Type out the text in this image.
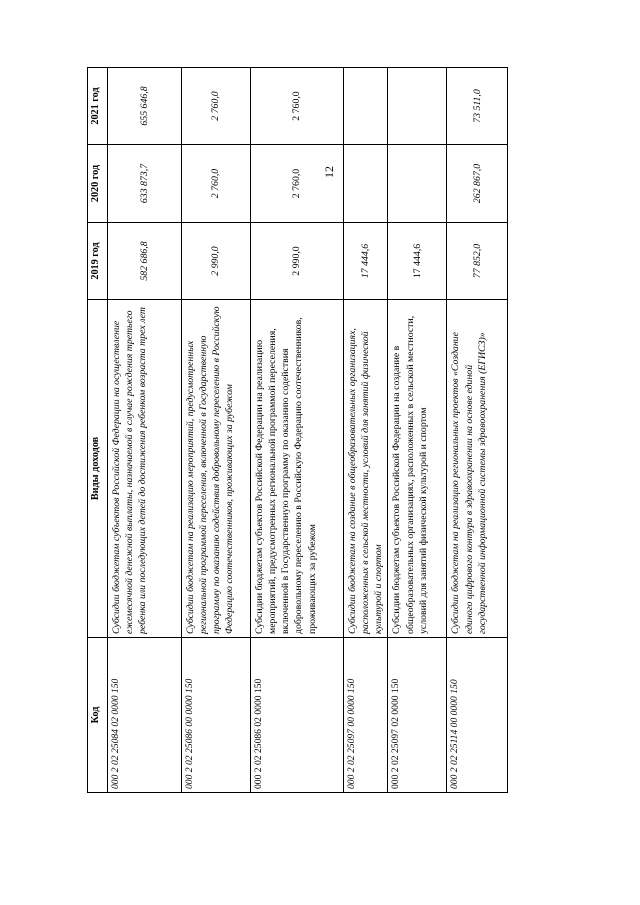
12
Код	Виды доходов	2019 год	2020 год	2021 год
000 2 02 25084 02 0000 150	Субсидии бюджетам субъектов Российской Федерации на осуществление ежемесячной денежной выплаты, назначаемой в случае рождения третьего ребенка или последующих детей до достижения ребенком возраста трех лет	582 686,8	633 873,7	655 646,8
000 2 02 25086 00 0000 150	Субсидии бюджетам на реализацию мероприятий, предусмотренных региональной программой переселения, включенной в Государственную программу по оказанию содействия добровольному переселению в Российскую Федерацию соотечественников, проживающих за рубежом	2 990,0	2 760,0	2 760,0
000 2 02 25086 02 0000 150	Субсидии бюджетам субъектов Российской Федерации на реализацию мероприятий, предусмотренных региональной программой переселения, включенной в Государственную программу по оказанию содействия добровольному переселению в Российскую Федерацию соотечественников, проживающих за рубежом	2 990,0	2 760,0	2 760,0
000 2 02 25097 00 0000 150	Субсидии бюджетам на создание в общеобразовательных организациях, расположенных в сельской местности, условий для занятий физической культурой и спортом	17 444,6		
000 2 02 25097 02 0000 150	Субсидии бюджетам субъектов Российской Федерации на создание в общеобразовательных организациях, расположенных в сельской местности, условий для занятий физической культурой и спортом	17 444,6		
000 2 02 25114 00 0000 150	Субсидии бюджетам на реализацию региональных проектов «Создание единого цифрового контура в здравоохранении на основе единой государственной информационной системы здравоохранения (ЕГИСЗ)»	77 852,0	262 867,0	73 511,0
